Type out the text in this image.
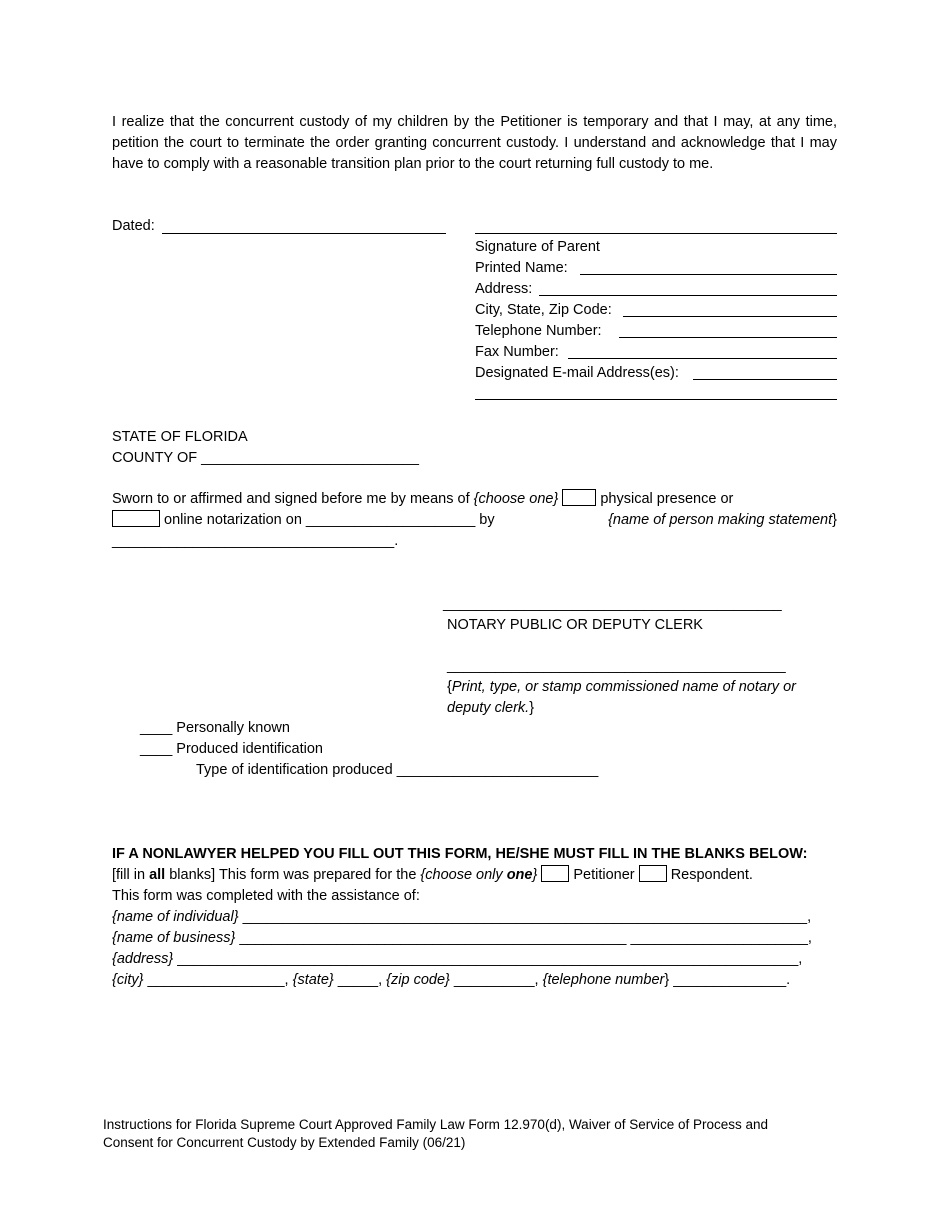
I realize that the concurrent custody of my children by the Petitioner is temporary and that I may, at any time, petition the court to terminate the order granting concurrent custody. I understand and acknowledge that I may have to comply with a reasonable transition plan prior to the court returning full custody to me.
Dated:
Signature of Parent
Printed Name:
Address:
City, State, Zip Code:
Telephone Number:
Fax Number:
Designated E-mail Address(es):
STATE OF FLORIDA
COUNTY OF ___________________________
Sworn to or affirmed and signed before me by means of {choose one}	physical presence or
online notarization on _____________________ by	{name of person making statement}
___________________________________.
__________________________________________
NOTARY PUBLIC OR DEPUTY CLERK
__________________________________________
{Print, type, or stamp commissioned name of notary or
deputy clerk.}
____ Personally known
____ Produced identification
Type of identification produced _________________________
IF A NONLAWYER HELPED YOU FILL OUT THIS FORM, HE/SHE MUST FILL IN THE BLANKS BELOW:
[fill in all blanks] This form was prepared for the {choose only one} Petitioner Respondent.
This form was completed with the assistance of:
{name of individual} ______________________________________________________________________,
{name of business} ________________________________________________ ______________________,
{address} _____________________________________________________________________________,
{city} _________________, {state} _____, {zip code} __________, {telephone number} ______________.
Instructions for Florida Supreme Court Approved Family Law Form 12.970(d), Waiver of Service of Process and
Consent for Concurrent Custody by Extended Family (06/21)
